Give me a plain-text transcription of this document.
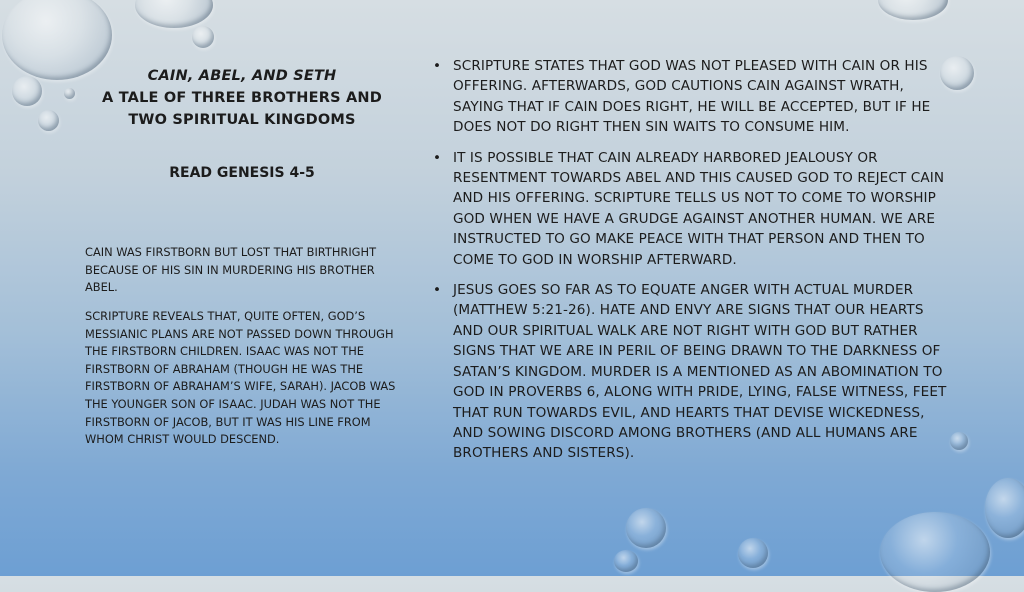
CAIN, ABEL, AND SETH
A TALE OF THREE BROTHERS AND
TWO SPIRITUAL KINGDOMS
READ GENESIS 4-5
CAIN WAS FIRSTBORN BUT LOST THAT BIRTHRIGHT BECAUSE OF HIS SIN IN MURDERING HIS BROTHER ABEL.
SCRIPTURE REVEALS THAT, QUITE OFTEN, GOD’S MESSIANIC PLANS ARE NOT PASSED DOWN THROUGH THE FIRSTBORN CHILDREN. ISAAC WAS NOT THE FIRSTBORN OF ABRAHAM (THOUGH HE WAS THE FIRSTBORN OF ABRAHAM’S WIFE, SARAH). JACOB WAS THE YOUNGER SON OF ISAAC. JUDAH WAS NOT THE FIRSTBORN OF JACOB, BUT IT WAS HIS LINE FROM WHOM CHRIST WOULD DESCEND.
• SCRIPTURE STATES THAT GOD WAS NOT PLEASED WITH CAIN OR HIS OFFERING. AFTERWARDS, GOD CAUTIONS CAIN AGAINST WRATH, SAYING THAT IF CAIN DOES RIGHT, HE WILL BE ACCEPTED, BUT IF HE DOES NOT DO RIGHT THEN SIN WAITS TO CONSUME HIM.
• IT IS POSSIBLE THAT CAIN ALREADY HARBORED JEALOUSY OR RESENTMENT TOWARDS ABEL AND THIS CAUSED GOD TO REJECT CAIN AND HIS OFFERING. SCRIPTURE TELLS US NOT TO COME TO WORSHIP GOD WHEN WE HAVE A GRUDGE AGAINST ANOTHER HUMAN. WE ARE INSTRUCTED TO GO MAKE PEACE WITH THAT PERSON AND THEN TO COME TO GOD IN WORSHIP AFTERWARD.
• JESUS GOES SO FAR AS TO EQUATE ANGER WITH ACTUAL MURDER (MATTHEW 5:21-26). HATE AND ENVY ARE SIGNS THAT OUR HEARTS AND OUR SPIRITUAL WALK ARE NOT RIGHT WITH GOD BUT RATHER SIGNS THAT WE ARE IN PERIL OF BEING DRAWN TO THE DARKNESS OF SATAN’S KINGDOM. MURDER IS A MENTIONED AS AN ABOMINATION TO GOD IN PROVERBS 6, ALONG WITH PRIDE, LYING, FALSE WITNESS, FEET THAT RUN TOWARDS EVIL, AND HEARTS THAT DEVISE WICKEDNESS, AND SOWING DISCORD AMONG BROTHERS (AND ALL HUMANS ARE BROTHERS AND SISTERS).
